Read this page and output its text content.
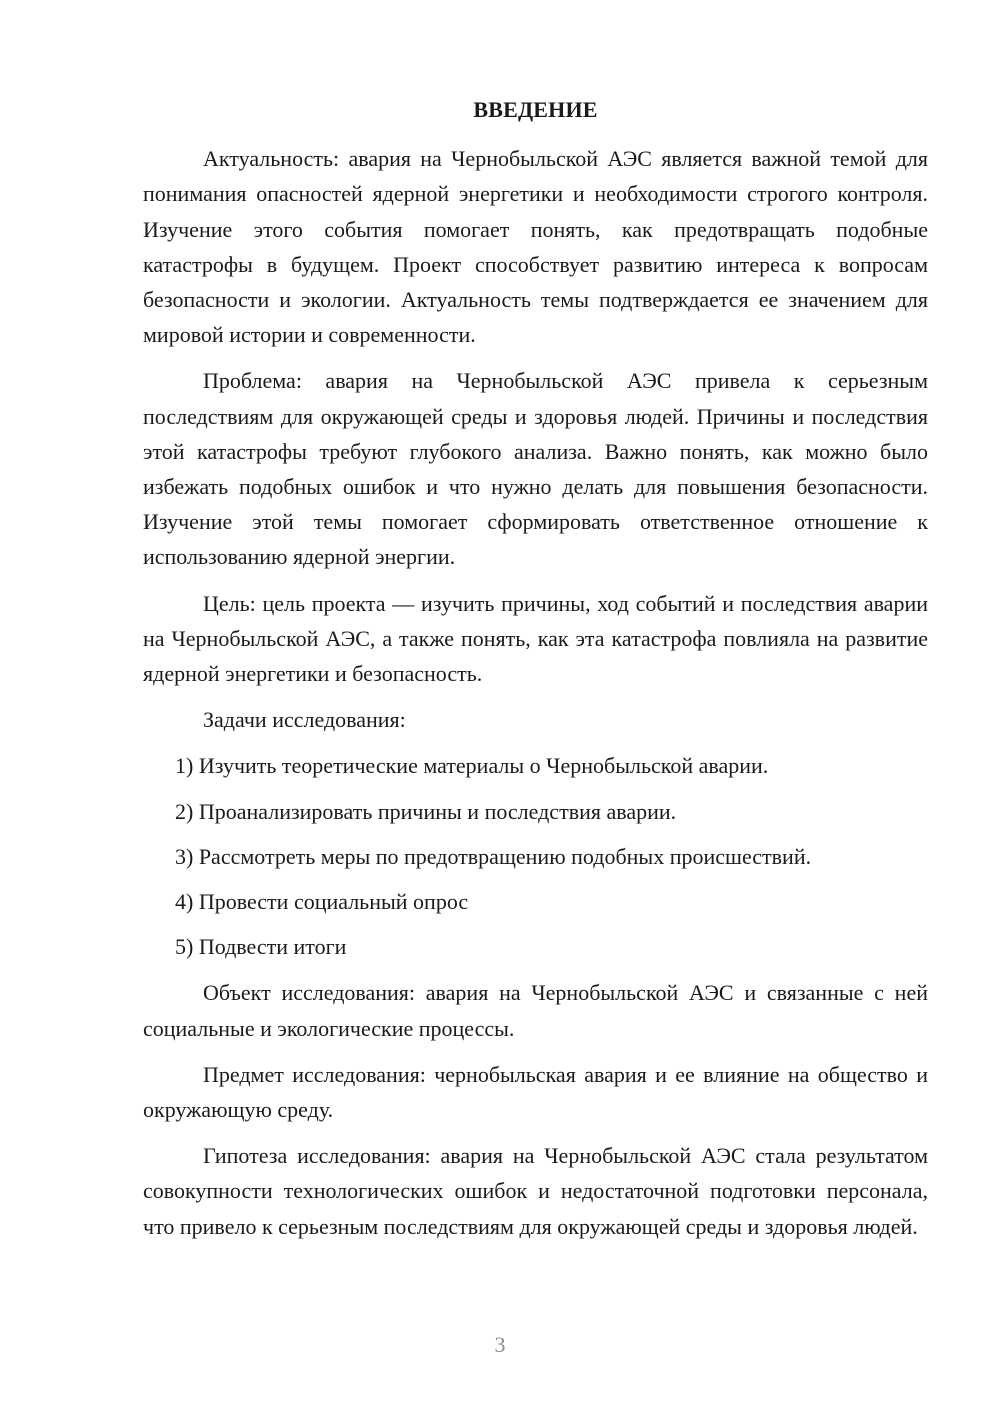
ВВЕДЕНИЕ

Актуальность: авария на Чернобыльской АЭС является важной темой для понимания опасностей ядерной энергетики и необходимости строгого контроля. Изучение этого события помогает понять, как предотвращать подобные катастрофы в будущем. Проект способствует развитию интереса к вопросам безопасности и экологии. Актуальность темы подтверждается ее значением для мировой истории и современности.

Проблема: авария на Чернобыльской АЭС привела к серьезным последствиям для окружающей среды и здоровья людей. Причины и последствия этой катастрофы требуют глубокого анализа. Важно понять, как можно было избежать подобных ошибок и что нужно делать для повышения безопасности. Изучение этой темы помогает сформировать ответственное отношение к использованию ядерной энергии.

Цель: цель проекта — изучить причины, ход событий и последствия аварии на Чернобыльской АЭС, а также понять, как эта катастрофа повлияла на развитие ядерной энергетики и безопасность.

Задачи исследования:

1) Изучить теоретические материалы о Чернобыльской аварии.
2) Проанализировать причины и последствия аварии.
3) Рассмотреть меры по предотвращению подобных происшествий.
4) Провести социальный опрос
5) Подвести итоги

Объект исследования: авария на Чернобыльской АЭС и связанные с ней социальные и экологические процессы.

Предмет исследования: чернобыльская авария и ее влияние на общество и окружающую среду.

Гипотеза исследования: авария на Чернобыльской АЭС стала результатом совокупности технологических ошибок и недостаточной подготовки персонала, что привело к серьезным последствиям для окружающей среды и здоровья людей.

3
